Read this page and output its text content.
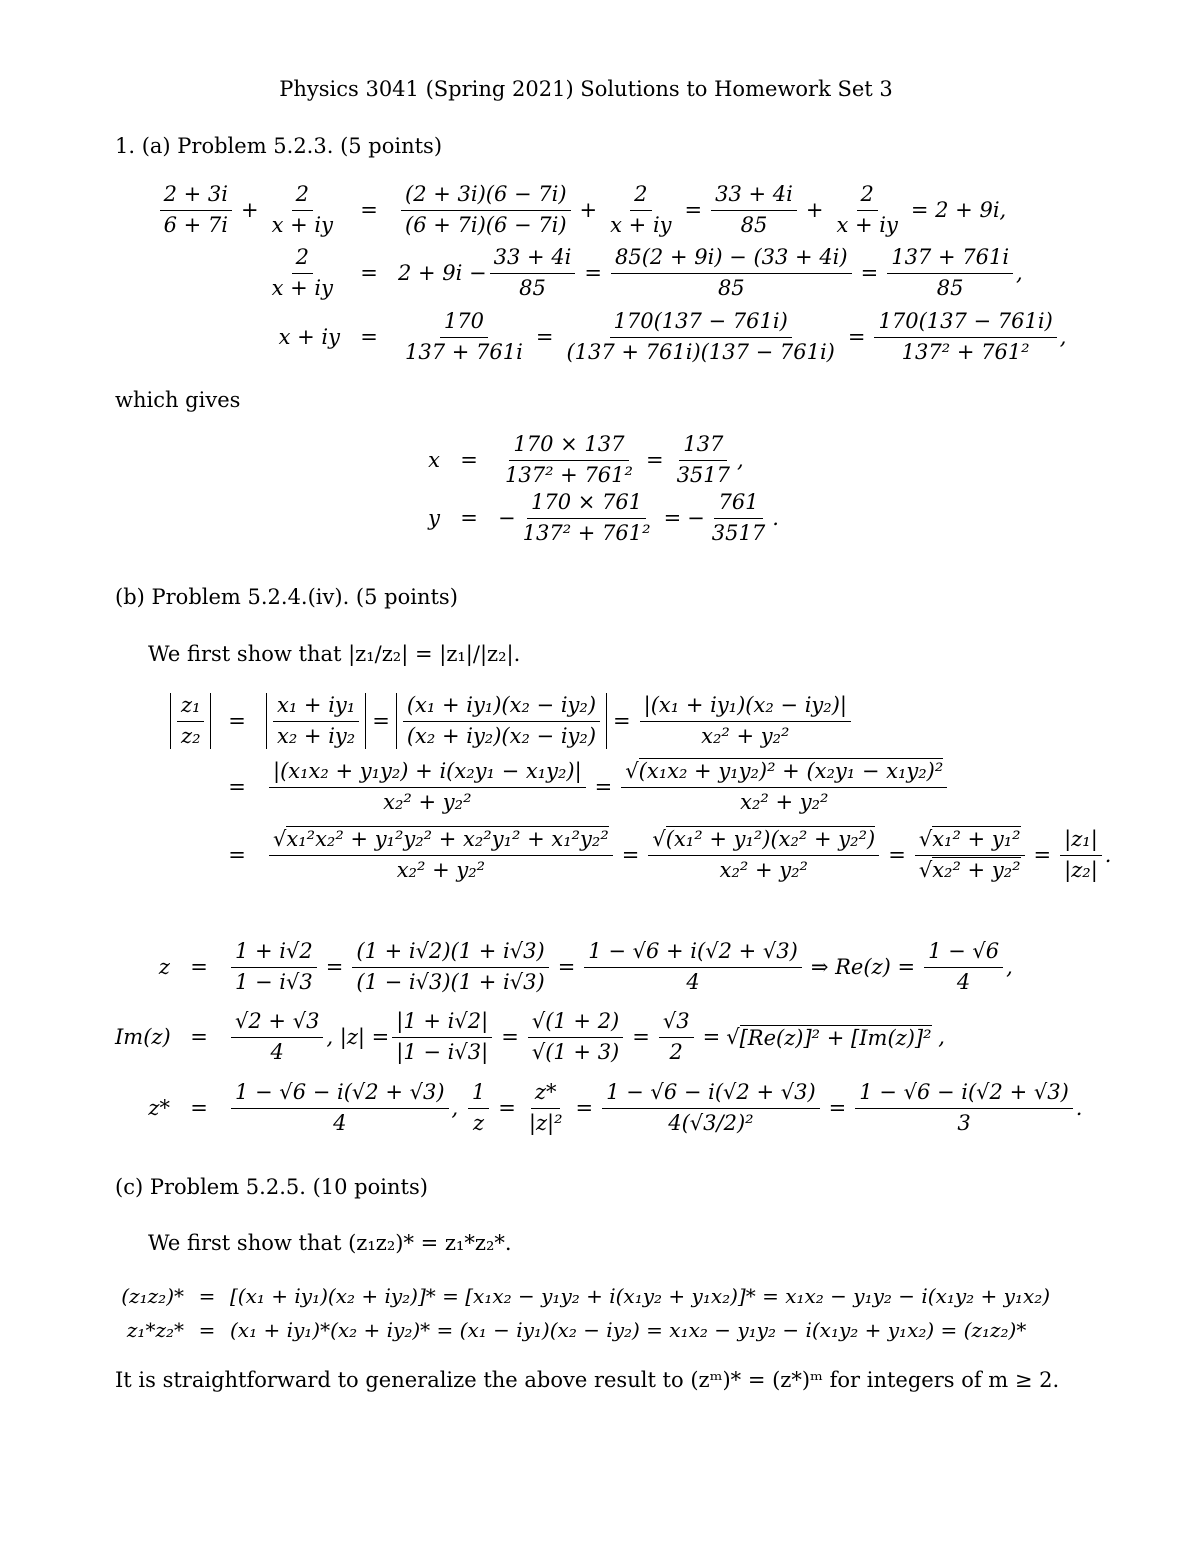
Physics 3041 (Spring 2021) Solutions to Homework Set 3
1. (a) Problem 5.2.3. (5 points)
$\frac{2 + 3i}{6 + 7i} + \frac{2}{x + iy}$	=	$\frac{(2 + 3i)(6 - 7i)}{(6 + 7i)(6 - 7i)} + \frac{2}{x + iy} = \frac{33 + 4i}{85} + \frac{2}{x + iy} = 2 + 9i$,
$\frac{2}{x + iy}$	= $2 + 9i - \frac{33 + 4i}{85} = \frac{85(2 + 9i) - (33 + 4i)}{85} = \frac{137 + 761i}{85}$ ,
x + iy =	$\frac{170}{137 + 761i} = \frac{170(137 - 761i)}{(137 + 761i)(137 - 761i)} = \frac{170(137 - 761i)}{\text{137² + 761²}}$ ,
which gives
x =	$\frac{170 \times 137}{\text{137² + 761²}} = \frac{137}{3517}$ ,
y = − $\frac{170 \times 761}{\text{137² + 761²}}$ = − $\frac{761}{3517}$ .
(b) Problem 5.2.4.(iv). (5 points)
We first show that |z₁/z₂| = |z₁|/|z₂|.
$\frac{\text{z₁}}{\text{z₂}}$	=	$\frac{\text{x₁ + iy₁}}{\text{x₂ + iy₂}} = \frac{\text{(x₁ + iy₁)(x₂ − iy₂)}}{\text{(x₂ + iy₂)(x₂ − iy₂)}} = \frac{\text{|(x₁ + iy₁)(x₂ − iy₂)|}}{\text{x₂² + y₂²}}$
=	$\frac{\text{|(x₁x₂ + y₁y₂) + i(x₂y₁ − x₁y₂)|}}{\text{x₂² + y₂²}}$ = √ $\frac{\text{(x₁x₂ + y₁y₂)² + (x₂y₁ − x₁y₂)²}}{\text{x₂² + y₂²}}$
= √	$\frac{\text{x₁²x₂² + y₁²y₂² + x₂²y₁² + x₁²y₂²}}{\text{x₂² + y₂²}}$ = √ $\frac{\text{(x₁² + y₁²)(x₂² + y₂²)}}{\text{x₂² + y₂²}}$ = √ x₁² + y₁²
√ $x_2^2 + y_2^2 = \frac{\text{|z₁|}}{\text{|z₂|}}$ .
z =	$\frac{1 + i√2}{1 - i√3} = \frac{(1 + i√2)(1 + i√3)}{(1 - i√3)(1 + i√3)} = \frac{1 - √6 + i(√2 + √3)}{4}$ ⇒ $Re(z) = \frac{1 - √6}{4}$ ,
Im(z) =	$\frac{√2 + √3}{4}$ , $|z| = \frac{|1 + i√2|}{|1 - i√3|} = \frac{√(1 + 2)}{√(1 + 3)} = \frac{√3}{2}$ = √ [Re(z)]² + [Im(z)]² ,
z* =	$\frac{1 - √6 - i(√2 + √3)}{4}$ , $\frac{1}{z} = \frac{z*}{\text{|z|²}} = \frac{1 - √6 - i(√2 + √3)}{\text{4(√3/2)²}} = \frac{1 - √6 - i(√2 + √3)}{3}$ .
(c) Problem 5.2.5. (10 points)
We first show that (z₁z₂)* = z₁*z₂*.
(z₁z₂)* = [(x₁ + iy₁)(x₂ + iy₂)]* = [x₁x₂ − y₁y₂ + i(x₁y₂ + y₁x₂)]* = x₁x₂ − y₁y₂ − i(x₁y₂ + y₁x₂)
z₁*z₂* = (x₁ + iy₁)*(x₂ + iy₂)* = (x₁ − iy₁)(x₂ − iy₂) = x₁x₂ − y₁y₂ − i(x₁y₂ + y₁x₂) = (z₁z₂)*
It is straightforward to generalize the above result to (zᵐ)* = (z*)ᵐ for integers of m ≥ 2.
